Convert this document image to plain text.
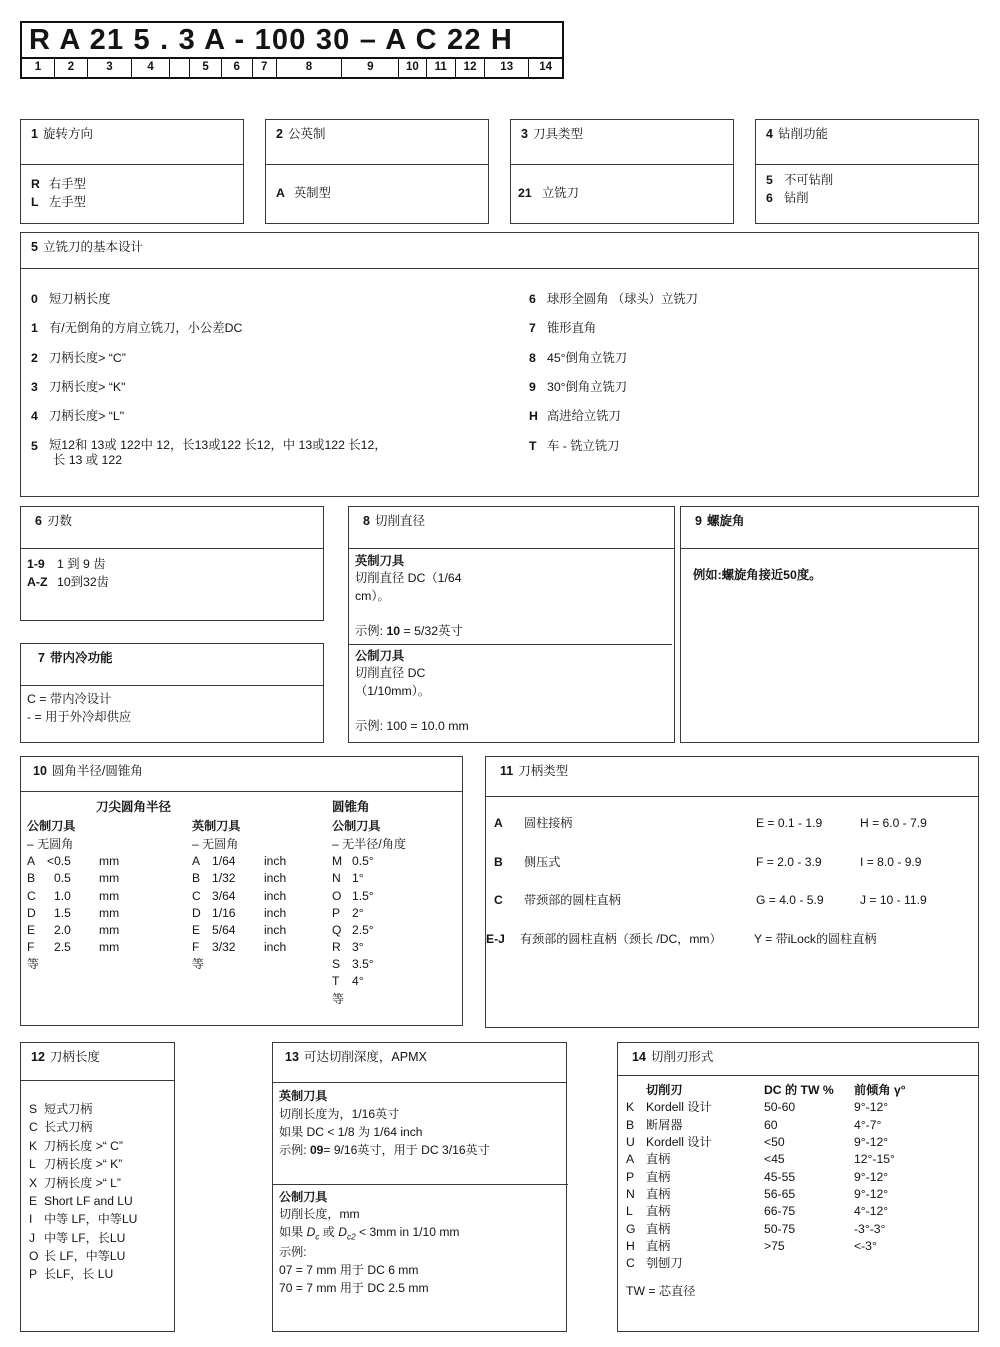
R A 21 5 . 3 A - 100 30 – A C 22 H
1	2	3	4	5	6	7	8	9	10	11	12	13	14
1 旋转方向
R 右手型
L 左手型
2 公英制
A 英制型
3 刀具类型
21 立铣刀
4 钻削功能
5 不可钻削
6 钻削
5 立铣刀的基本设计
0 短刀柄长度
1 有/无倒角的方肩立铣刀，小公差DC
2 刀柄长度> “C”
3 刀柄长度> “K"
4 刀柄长度> “L"
5 短12和 13或 122中 12，长13或122 长12，中 13或122 长12，
长 13 或 122
6 球形全圆角 （球头）立铣刀
7 锥形直角
8 45°倒角立铣刀
9 30°倒角立铣刀
H 高进给立铣刀
T 车 - 铣立铣刀
6 刃数
1-9 1 到 9 齿
A-Z 10到32齿
7 带内冷功能
C = 带内冷设计
- = 用于外冷却供应
8 切削直径
英制刀具
切削直径 DC（1/64
cm）。
示例: 10 = 5/32英寸
公制刀具
切削直径 DC
（1/10mm）。
示例: 100 = 10.0 mm
9 螺旋角
例如:螺旋角接近50度。
10 圆角半径/圆锥角
刀尖圆角半径
公制刀具
– 无圆角
A <0.5	mm
B	0.5	mm
C	1.0	mm
D	1.5	mm
E	2.0	mm
F	2.5	mm
等
英制刀具
– 无圆角
A 1/64	inch
B 1/32	inch
C 3/64	inch
D 1/16	inch
E 5/64	inch
F	3/32	inch
等
圆锥角
公制刀具
– 无半径/角度
M 0.5°
N 1°
O 1.5°
P 2°
Q 2.5°
R 3°
S 3.5°
T	4°
等
11 刀柄类型
A	圆柱接柄	E = 0.1 - 1.9	H = 6.0 - 7.9
B	侧压式	F = 2.0 - 3.9	I = 8.0 - 9.9
C	带颈部的圆柱直柄	G = 4.0 - 5.9	J = 10 - 11.9
E-J	有颈部的圆柱直柄（颈长 /DC，mm）	Y = 带iLock的圆柱直柄
12 刀柄长度
S 短式刀柄
C 长式刀柄
K 刀柄长度 >“ C”
L 刀柄长度 >“ K”
X 刀柄长度 >“ L”
E Short LF and LU
I 中等 LF，中等LU
J 中等 LF，长LU
O 长 LF，中等LU
P 长LF，长 LU
13 可达切削深度，APMX
英制刀具
切削长度为，1/16英寸
如果 DC < 1/8 为 1/64 inch
示例: 09= 9/16英寸，用于 DC 3/16英寸
公制刀具
切削长度，mm
如果 $D_c$ 或 $D_{c2} < 3mm$ in 1/10 mm
示例:
07 = 7 mm 用于 DC 6 mm
70 = 7 mm 用于 DC 2.5 mm
14 切削刃形式
切削刃	DC 的 TW %	前倾角 γ°
K Kordell 设计	50-60	9°-12°
B 断屑器	60	4°-7°
U Kordell 设计	<50	9°-12°
A 直柄	<45	12°-15°
P 直柄	45-55	9°-12°
N 直柄	56-65	9°-12°
L	直柄	66-75	4°-12°
G 直柄	50-75	-3°-3°
H 直柄	>75	<-3°
C 刳刨刀
TW = 芯直径
